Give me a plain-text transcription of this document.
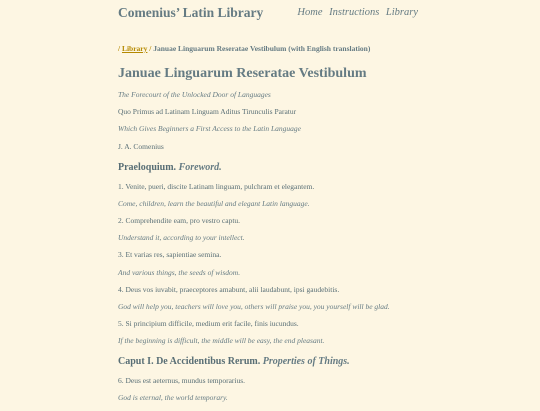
Comenius’ Latin Library	Home Instructions Library
/ Library / Januae Linguarum Reseratae Vestibulum (with English translation)
Januae Linguarum Reseratae Vestibulum

The Forecourt of the Unlocked Door of Languages

Quo Primus ad Latinam Linguam Aditus Tirunculis Paratur

Which Gives Beginners a First Access to the Latin Language

J. A. Comenius

Praeloquium. Foreword.

1. Venite, pueri, discite Latinam linguam, pulchram et elegantem.

Come, children, learn the beautiful and elegant Latin language.

2. Comprehendite eam, pro vestro captu.

Understand it, according to your intellect.

3. Et varias res, sapientiae semina.

And various things, the seeds of wisdom.

4. Deus vos iuvabit, praeceptores amabunt, alii laudabunt, ipsi gaudebitis.

God will help you, teachers will love you, others will praise you, you yourself will be glad.

5. Si principium difficile, medium erit facile, finis iucundus.

If the beginning is difficult, the middle will be easy, the end pleasant.

Caput I. De Accidentibus Rerum. Properties of Things.

6. Deus est aeternus, mundus temporarius.

God is eternal, the world temporary.
